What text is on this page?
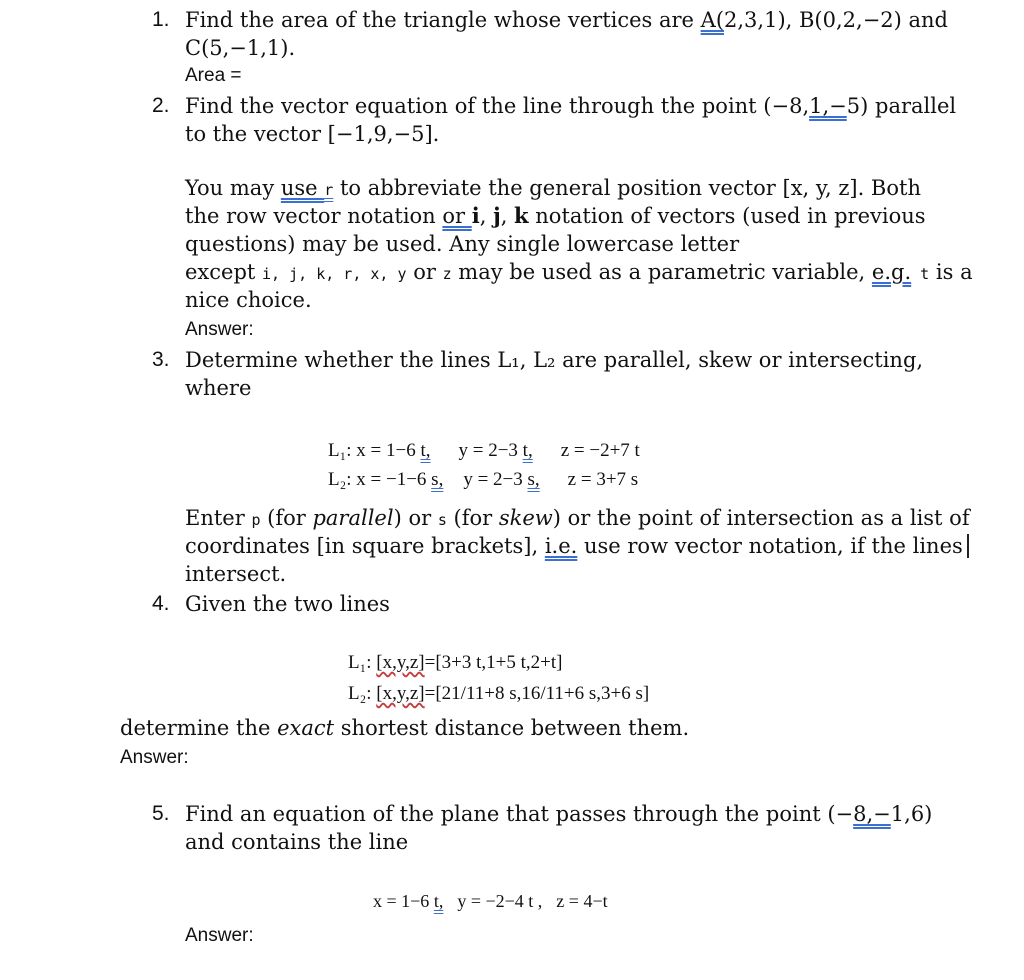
1. Find the area of the triangle whose vertices are A(2,3,1), B(0,2,−2) and
C(5,−1,1).
Area =
2. Find the vector equation of the line through the point (−8,1,−5) parallel
to the vector [−1,9,−5].
You may use r to abbreviate the general position vector [x, y, z]. Both
the row vector notation or i, j, k notation of vectors (used in previous
questions) may be used. Any single lowercase letter
except i, j, k, r, x, y or z may be used as a parametric variable, e.g. t is a
nice choice.
Answer:
3. Determine whether the lines L₁, L₂ are parallel, skew or intersecting,
where
L₁: x = 1−6 t, y = 2−3 t, z = −2+7 t
L₂: x = −1−6 s, y = 2−3 s, z = 3+7 s
Enter p (for parallel) or s (for skew) or the point of intersection as a list of
coordinates [in square brackets], i.e. use row vector notation, if the lines
intersect.
4. Given the two lines
L₁: [x,y,z]=[3+3 t,1+5 t,2+t]
L₂: [x,y,z]=[21/11+8 s,16/11+6 s,3+6 s]
determine the exact shortest distance between them.
Answer:
5. Find an equation of the plane that passes through the point (−8,−1,6)
and contains the line
x = 1−6 t, y = −2−4 t , z = 4−t
Answer:
